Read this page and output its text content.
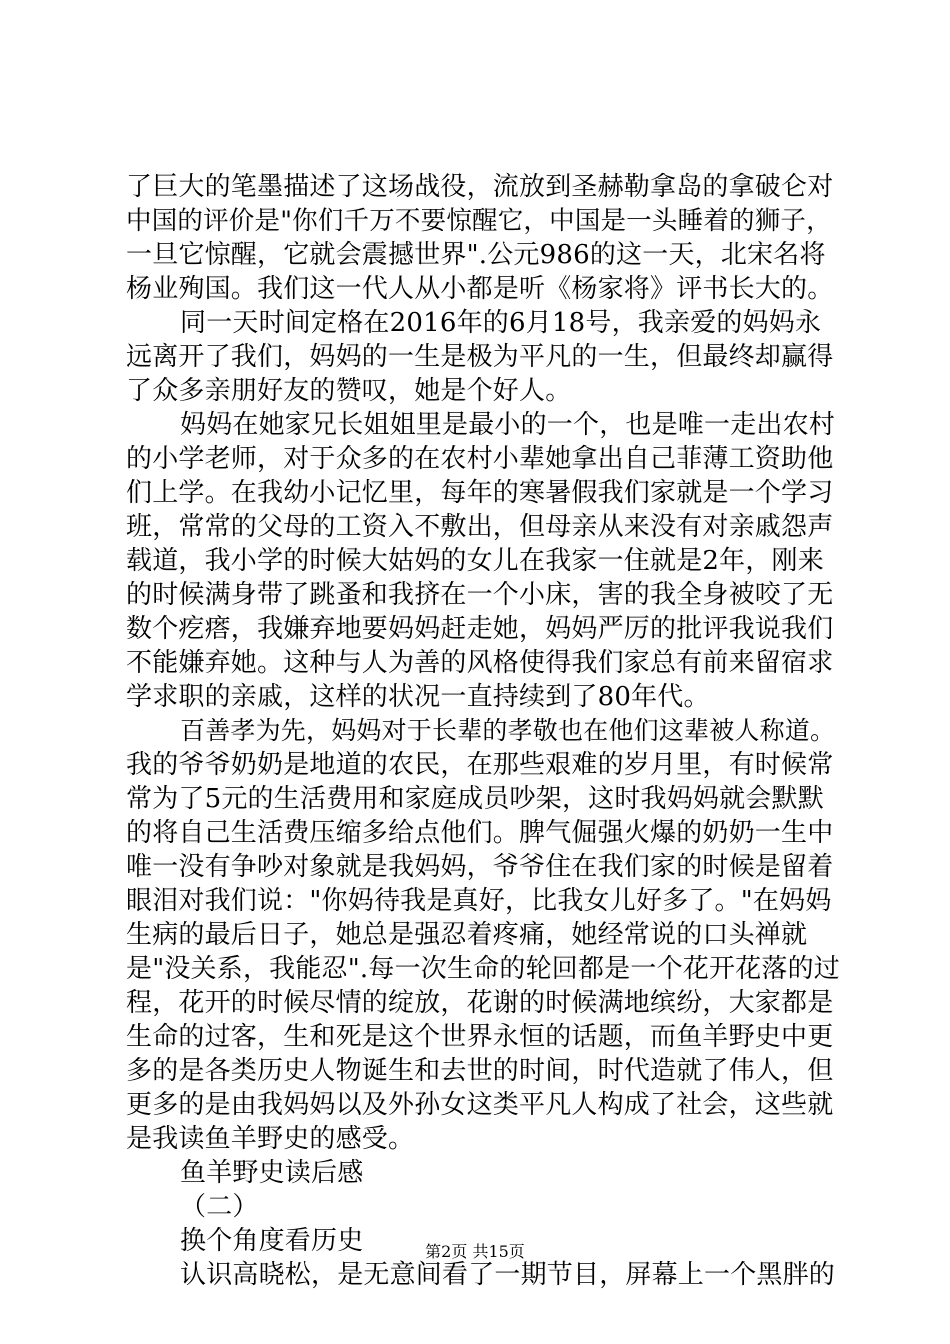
了巨大的笔墨描述了这场战役，流放到圣赫勒拿岛的拿破仑对
中国的评价是"你们千万不要惊醒它，中国是一头睡着的狮子，
一旦它惊醒，它就会震撼世界".公元986的这一天，北宋名将
杨业殉国。我们这一代人从小都是听《杨家将》评书长大的。
同一天时间定格在2016年的6月18号，我亲爱的妈妈永
远离开了我们，妈妈的一生是极为平凡的一生，但最终却赢得
了众多亲朋好友的赞叹，她是个好人。
妈妈在她家兄长姐姐里是最小的一个，也是唯一走出农村
的小学老师，对于众多的在农村小辈她拿出自己菲薄工资助他
们上学。在我幼小记忆里，每年的寒暑假我们家就是一个学习
班，常常的父母的工资入不敷出，但母亲从来没有对亲戚怨声
载道，我小学的时候大姑妈的女儿在我家一住就是2年，刚来
的时候满身带了跳蚤和我挤在一个小床，害的我全身被咬了无
数个疙瘩，我嫌弃地要妈妈赶走她，妈妈严厉的批评我说我们
不能嫌弃她。这种与人为善的风格使得我们家总有前来留宿求
学求职的亲戚，这样的状况一直持续到了80年代。
百善孝为先，妈妈对于长辈的孝敬也在他们这辈被人称道。
我的爷爷奶奶是地道的农民，在那些艰难的岁月里，有时候常
常为了5元的生活费用和家庭成员吵架，这时我妈妈就会默默
的将自己生活费压缩多给点他们。脾气倔强火爆的奶奶一生中
唯一没有争吵对象就是我妈妈，爷爷住在我们家的时候是留着
眼泪对我们说："你妈待我是真好，比我女儿好多了。"在妈妈
生病的最后日子，她总是强忍着疼痛，她经常说的口头禅就
是"没关系，我能忍".每一次生命的轮回都是一个花开花落的过
程，花开的时候尽情的绽放，花谢的时候满地缤纷，大家都是
生命的过客，生和死是这个世界永恒的话题，而鱼羊野史中更
多的是各类历史人物诞生和去世的时间，时代造就了伟人，但
更多的是由我妈妈以及外孙女这类平凡人构成了社会，这些就
是我读鱼羊野史的感受。
鱼羊野史读后感
（二）
换个角度看历史
认识高晓松，是无意间看了一期节目，屏幕上一个黑胖的
第2页 共15页
